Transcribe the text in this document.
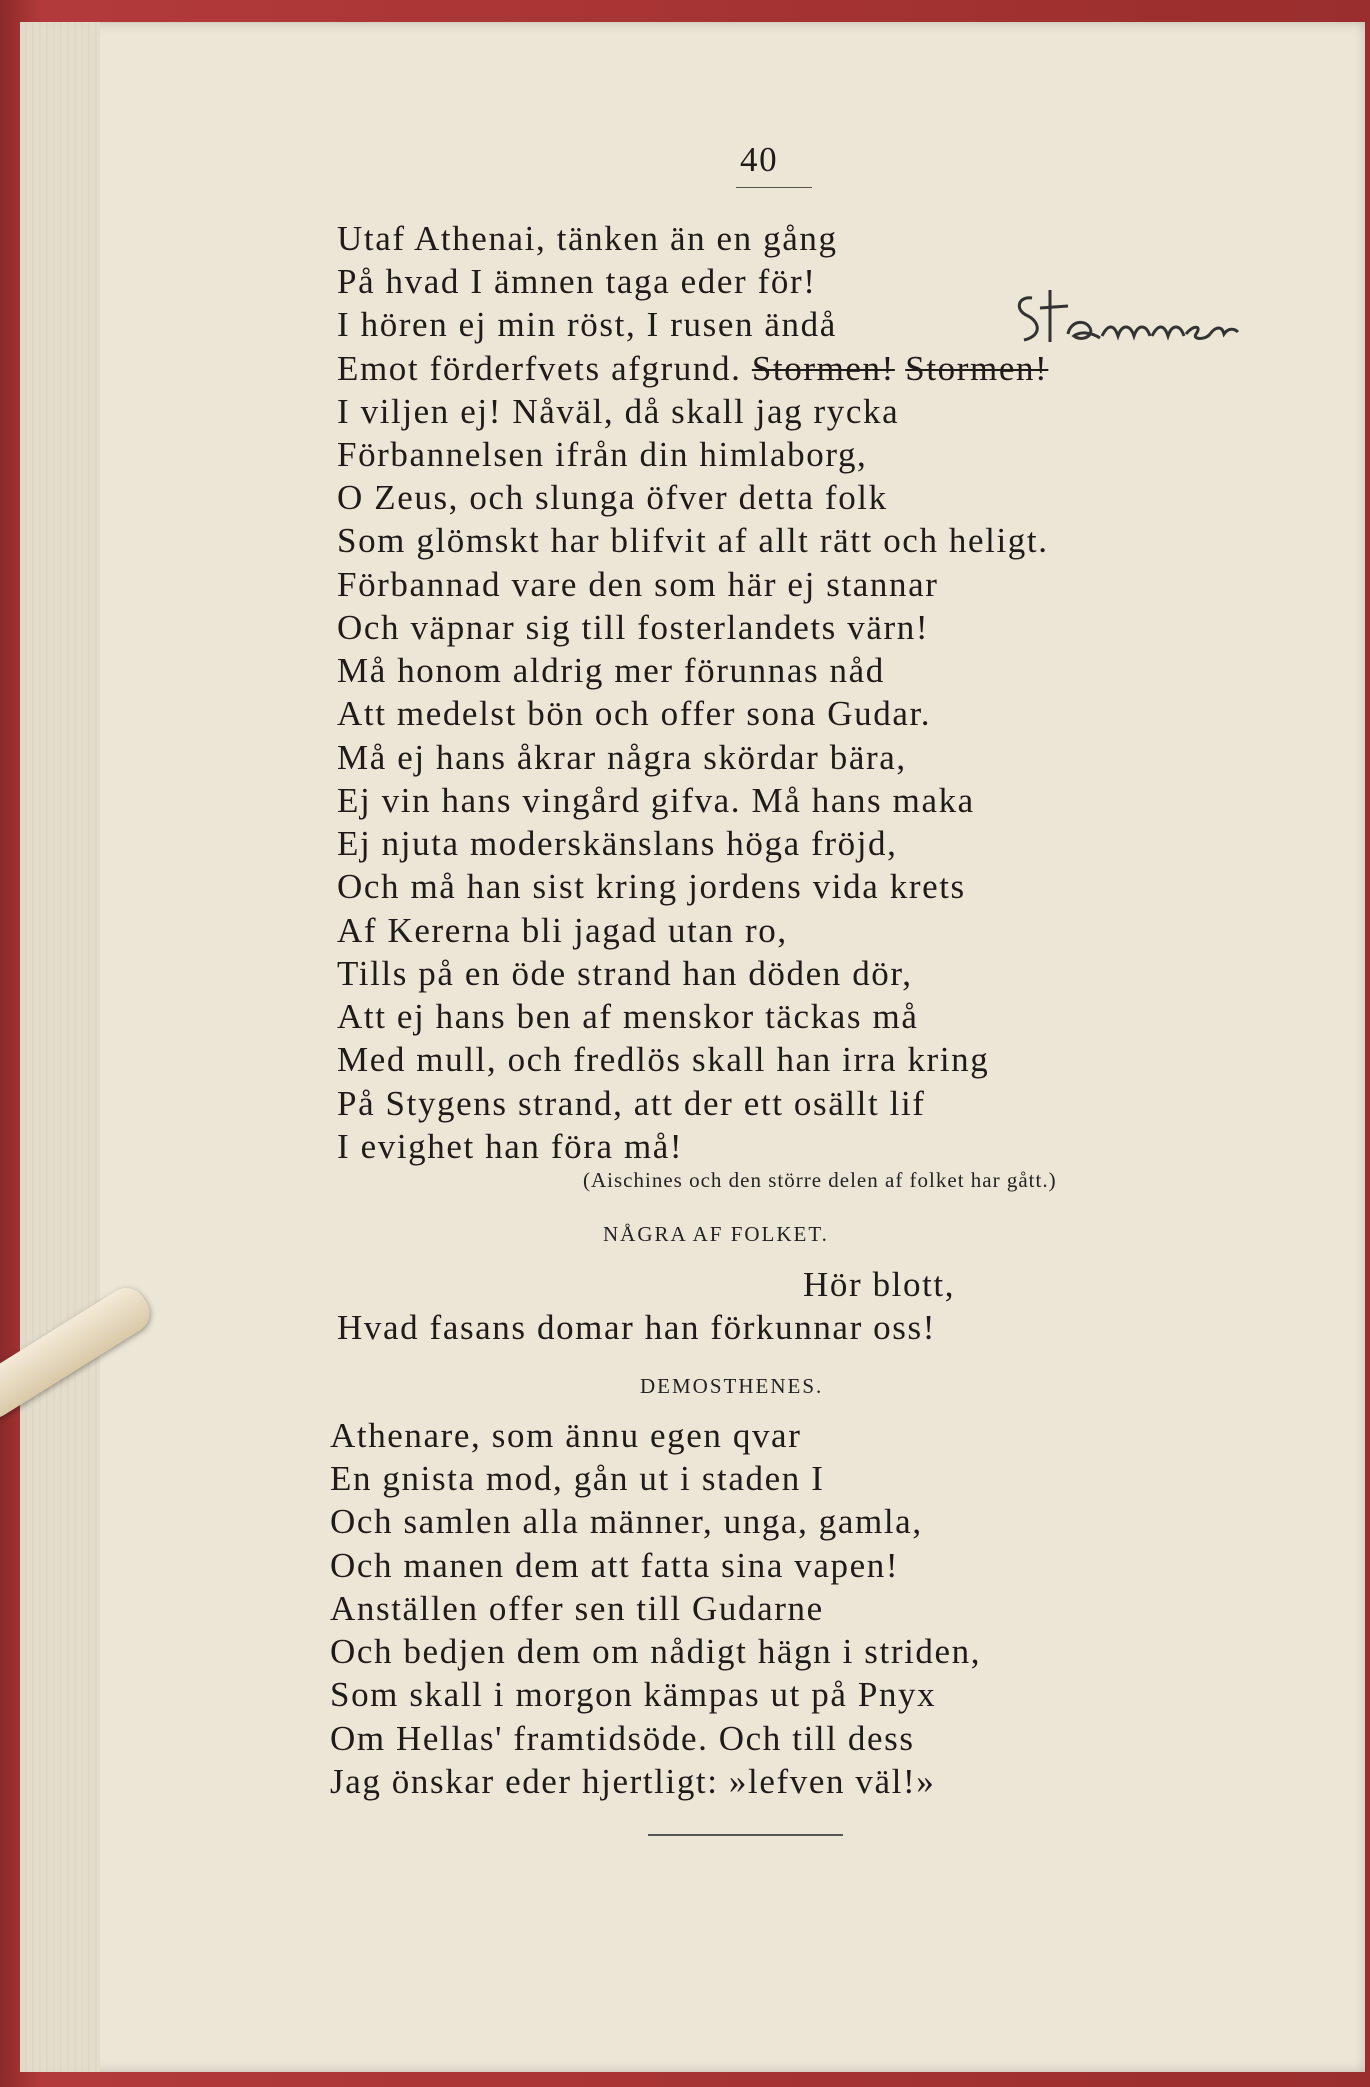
40
Utaf Athenai, tänken än en gång
På hvad I ämnen taga eder för!
I hören ej min röst, I rusen ändå
Emot förderfvets afgrund. Stormen! Stormen!
I viljen ej! Nåväl, då skall jag rycka
Förbannelsen ifrån din himlaborg,
O Zeus, och slunga öfver detta folk
Som glömskt har blifvit af allt rätt och heligt.
Förbannad vare den som här ej stannar
Och väpnar sig till fosterlandets värn!
Må honom aldrig mer förunnas nåd
Att medelst bön och offer sona Gudar.
Må ej hans åkrar några skördar bära,
Ej vin hans vingård gifva. Må hans maka
Ej njuta moderskänslans höga fröjd,
Och må han sist kring jordens vida krets
Af Kererna bli jagad utan ro,
Tills på en öde strand han döden dör,
Att ej hans ben af menskor täckas må
Med mull, och fredlös skall han irra kring
På Stygens strand, att der ett osällt lif
I evighet han föra må!
(Aischines och den större delen af folket har gått.)
NÅGRA AF FOLKET.
Hör blott,
Hvad fasans domar han förkunnar oss!
DEMOSTHENES.
Athenare, som ännu egen qvar
En gnista mod, gån ut i staden I
Och samlen alla männer, unga, gamla,
Och manen dem att fatta sina vapen!
Anställen offer sen till Gudarne
Och bedjen dem om nådigt hägn i striden,
Som skall i morgon kämpas ut på Pnyx
Om Hellas' framtidsöde. Och till dess
Jag önskar eder hjertligt: »lefven väl!»
